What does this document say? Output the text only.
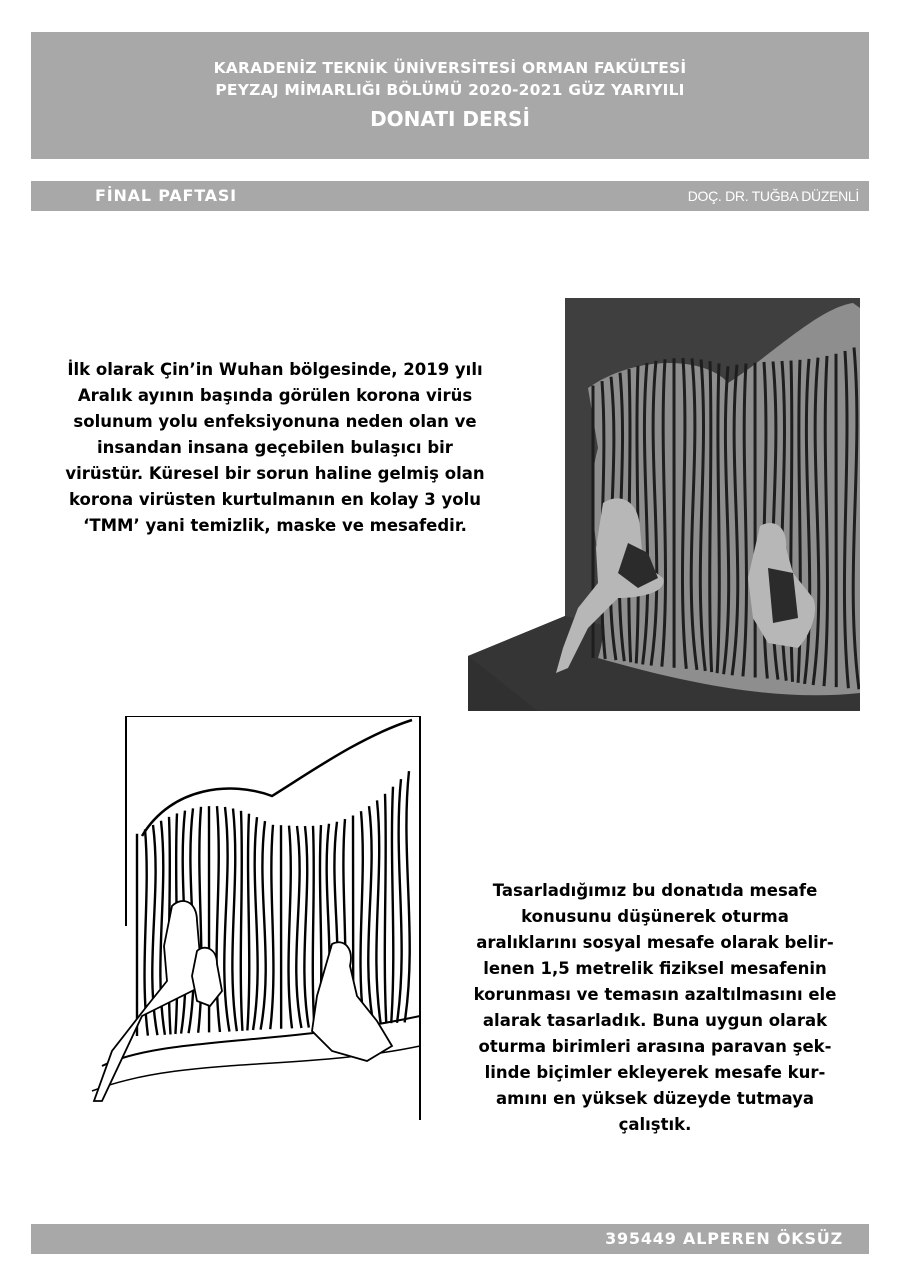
KARADENİZ TEKNİK ÜNİVERSİTESİ ORMAN FAKÜLTESİ
PEYZAJ MİMARLIĞI BÖLÜMÜ 2020-2021 GÜZ YARIYILI
DONATI DERSİ
FİNAL PAFTASI	DOÇ. DR. TUĞBA DÜZENLİ
İlk olarak Çin’in Wuhan bölgesinde, 2019 yılı
Aralık ayının başında görülen korona virüs
solunum yolu enfeksiyonuna neden olan ve
insandan insana geçebilen bulaşıcı bir
virüstür. Küresel bir sorun haline gelmiş olan
korona virüsten kurtulmanın en kolay 3 yolu
‘TMM’ yani temizlik, maske ve mesafedir.
Tasarladığımız bu donatıda mesafe
konusunu düşünerek oturma
aralıklarını sosyal mesafe olarak belir-
lenen 1,5 metrelik fiziksel mesafenin
korunması ve temasın azaltılmasını ele
alarak tasarladık. Buna uygun olarak
oturma birimleri arasına paravan şek-
linde biçimler ekleyerek mesafe kur-
amını en yüksek düzeyde tutmaya
çalıştık.
395449 ALPEREN ÖKSÜZ
